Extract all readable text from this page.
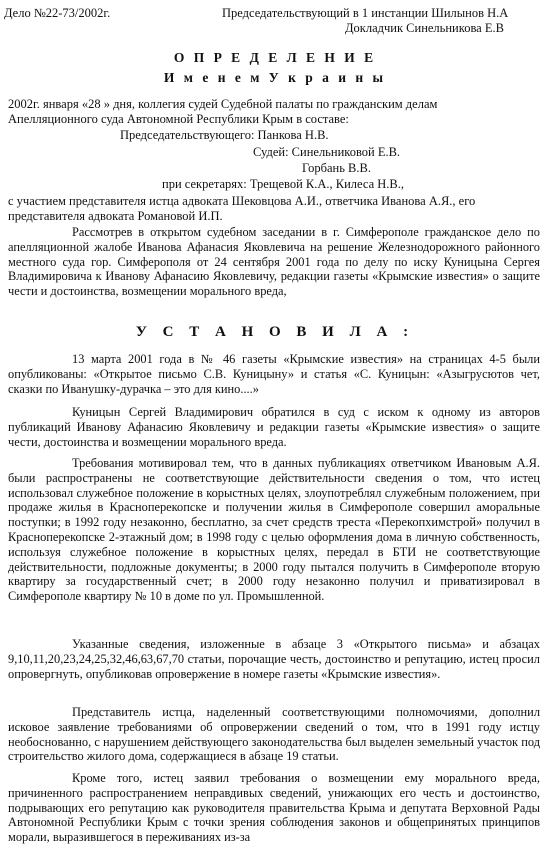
Дело №22-73/2002г.	Председательствующий в 1 инстанции Шилынов Н.А

Докладчик Синельникова Е.В

О П Р Е Д Е Л Е Н И Е

И м е н е м У к р а и н ы

2002г. января «28 » дня, коллегия судей Судебной палаты по гражданским делам

Апелляционного суда Автономной Республики Крым в составе:

Председательствующего: Панкова Н.В.

Судей: Синельниковой Е.В.

Горбань В.В.

при секретарях: Трещевой К.А., Килеса Н.В.,

с участием представителя истца адвоката Шековцова А.И., ответчика Иванова А.Я., его

представителя адвоката Романовой И.П.

Рассмотрев в открытом судебном заседании в г. Симферополе гражданское дело по апелляционной жалобе Иванова Афанасия Яковлевича на решение Железнодорожного районного местного суда гор. Симферополя от 24 сентября 2001 года по делу по иску Куницына Сергея Владимировича к Иванову Афанасию Яковлевичу, редакции газеты «Крымские известия» о защите чести и достоинства, возмещении морального вреда,

У С Т А Н О В И Л А :

13 марта 2001 года в № 46 газеты «Крымские известия» на страницах 4-5 были опубликованы: «Открытое письмо С.В. Куницыну» и статья «С. Куницын: «Азыгрусютов чет, сказки по Иванушку-дурачка – это для кино....»

Куницын Сергей Владимирович обратился в суд с иском к одному из авторов публикаций Иванову Афанасию Яковлевичу и редакции газеты «Крымские известия» о защите чести, достоинства и возмещении морального вреда.

Требования мотивировал тем, что в данных публикациях ответчиком Ивановым А.Я. были распространены не соответствующие действительности сведения о том, что истец использовал служебное положение в корыстных целях, злоупотреблял служебным положением, при продаже жилья в Красноперекопске и получении жилья в Симферополе совершил аморальные поступки; в 1992 году незаконно, бесплатно, за счет средств треста «Перекопхимстрой» получил в Красноперекопске 2-этажный дом; в 1998 году с целью оформления дома в личную собственность, используя служебное положение в корыстных целях, передал в БТИ не соответствующие действительности, подложные документы; в 2000 году пытался получить в Симферополе вторую квартиру за государственный счет; в 2000 году незаконно получил и приватизировал в Симферополе квартиру № 10 в доме по ул. Промышленной.

Указанные сведения, изложенные в абзаце 3 «Открытого письма» и абзацах 9,10,11,20,23,24,25,32,46,63,67,70 статьи, порочащие честь, достоинство и репутацию, истец просил опровергнуть, опубликовав опровержение в номере газеты «Крымские известия».

Представитель истца, наделенный соответствующими полномочиями, дополнил исковое заявление требованиями об опровержении сведений о том, что в 1991 году истцу необоснованно, с нарушением действующего законодательства был выделен земельный участок под строительство жилого дома, содержащиеся в абзаце 19 статьи.

Кроме того, истец заявил требования о возмещении ему морального вреда, причиненного распространением неправдивых сведений, унижающих его честь и достоинство, подрывающих его репутацию как руководителя правительства Крыма и депутата Верховной Рады Автономной Республики Крым с точки зрения соблюдения законов и общепринятых принципов морали, выразившегося в переживаниях из-за
